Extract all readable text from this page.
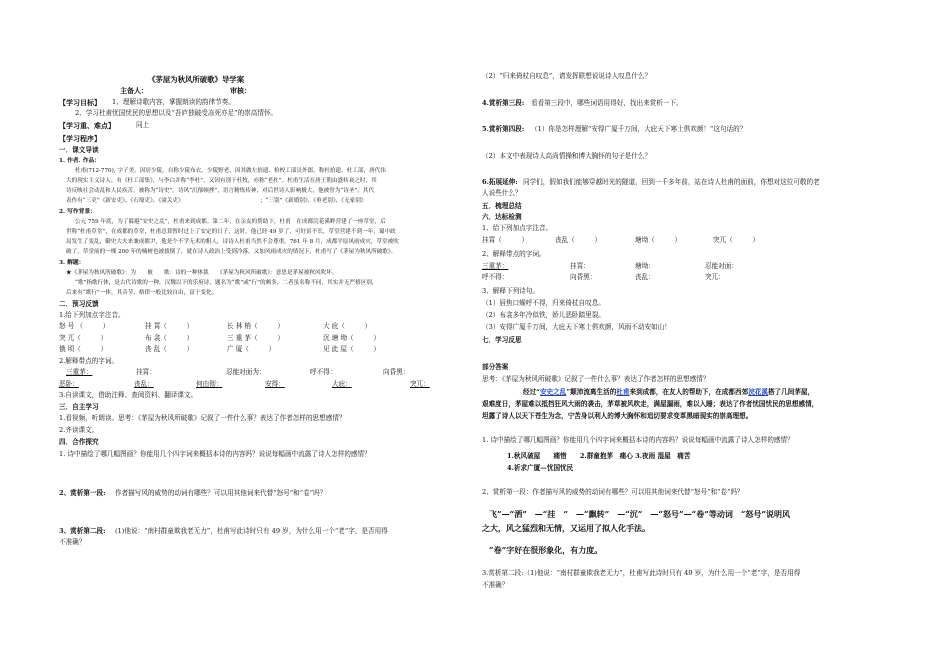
《茅屋为秋风所破歌》导学案
主备人：	审核：
【学习目标】 1、理解诗歌内容，掌握朗读的韵律节奏。
2、学习杜甫忧国忧民的思想以及“吾庐独破受冻死亦足”的崇高情怀。
【学习重、难点】	同上
【学习程序】
一．课文导读
1. 作者. 作品：
杜甫(712-770), 字子美，因居少陵，自称少陵布衣、少陵野老，因其做左拾遗、检校工部员外郎，称杜拾遗、杜工部，唐代伟
大的现实主义诗人。有《杜工部集》，与李白并称“李杜”，又因有别于杜牧，亦称“老杜”。杜甫生活在唐王朝由盛转衰之时，其
诗反映社会动乱和人民疾苦，被称为“诗史”。诗风“沉郁顿挫”，语言精炼传神，对后世诗人影响极大，他被誉为“诗圣”。其代
表作有“三吏”《新安吏》、《石壕吏》、《潼关吏》	；“三别”《新婚别》、《垂老别》、《无家别》
2. 写作背景：
公元 759 年底，为了躲避“安史之乱”，杜甫来到成都。第二年，在亲友的帮助下，杜甫　在成都浣花溪畔营建了一座草堂，后
世称“杜甫草堂”，在成都的草堂，杜甫总算暂时过上了安定的日子，这时，他已经 49 岁了，可好景不长，草堂营建不到一年，蜀中政
局发生了变乱，御史大夫来兼成都尹，他是个不学无术的粗人，诗诗人杜甫当然不会尊重。761 年 8 月，成都平原风雨成灾，草堂被吹
破了，草堂前的一棵 200 年的楠树也被拔倒了，就在诗人政治上受到冷落，又加风雨成灾的情况下，杜甫写了《茅屋为秋风所破歌》。
3. 解题：
★《茅屋为秋风所破歌》：为　　被　　歌：诗的一种体裁　　《茅屋为秋风所破歌》：意思是茅屋被秋风吹坏。
“歌”指歌行体，是古代诗歌的一种，汉魏以下的乐府诗，题名为“歌”或“行”的颇多，二者虽名称不同，其实并无严格区别，
后来有“歌行”一体。其音节、格律一般比较自由，富于变化。
二．预习反馈
1.给下列加点字注音。
怒 号 （　　　）	挂 罥（　　　）	长 林 梢（　　　）	大 庇（　　　）
突 兀（　　　）	布 衾（　　　）	三 重 茅（　　　）	沉 塘 坳（　　　）
俄 顷（　　　）	丧 乱（　　　）	广 厦（　　　）	见 此 屋（　　　）
2.解释带点的字词。
三重茅：	挂罥：	忍能对面为：	呼不得：	向昏黑：
恶卧：	丧乱：	何由彻：	安得：	大庇：	突兀：
3.自读课文，借助注释、查阅资料、翻译课文。
三．自主学习
1.看视频，听朗读。思考：《茅屋为秋风所破歌》记叙了一件什么事？表达了作者怎样的思想感情？
2.齐读课文。
四．合作探究
1. 诗中描绘了哪几幅图画？你能用几个四字词来概括本诗的内容吗？说说每幅画中流露了诗人怎样的感情？
2、赏析第一段: 作者描写风的威势的动词有哪些？可以用其他词来代替“怒号”和“卷”吗？
3、赏析第二段: (1)他说：“南村群童欺我老无力”，杜甫写此诗时只有 49 岁，为什么用一个“老”字，是否用得
不准确？
（2）“归来倚杖自叹息”，请发挥联想说说诗人叹息什么？
4.赏析第三段: 看看第三段中，哪些词语用得好，找出来赏析一下。
5.赏析第四段: （1）你是怎样理解“安得广厦千万间，大庇天下寒士俱欢颜！”这句话的？
（2）本文中表现诗人高尚情操和博大胸怀的句子是什么？
6.拓展延伸: 同学们，假如我们能够穿越时光的隧道，回到一千多年前，站在诗人杜甫的面前，你想对这位可敬的老
人说些什么？
五．梳理总结
六．达标检测
1、给下列加点字注音。
挂罥（　　　）	丧乱（　　　）	塘坳（　　　）	突兀（　　　）
2、解释带点的字词。
三重茅：	挂罥：	塘坳：	忍能对面：
呼不得：	向昏黑：	丧乱：	突兀：
3、解释下列诗句。
（1）唇焦口燥呼不得，归来倚杖自叹息。
（2）布衾多年冷似铁，娇儿恶卧踏里裂。
（3）安得广厦千万间，大庇天下寒士俱欢颜，风雨不动安如山！
七．学习反思
部分答案
思考：《茅屋为秋风所破歌》记叙了一件什么事？表达了作者怎样的思想感情？
经过“安史之乱”颠沛流离生活的杜甫来到成都，在友人的帮助下，在成都西郊浣花溪搭了几间茅屋，
艰难度日，茅屋难以抵挡狂风大雨的袭击，茅草被风吹走，满屋漏雨，难以入睡；表达了作者忧国忧民的思想感情，
坦露了诗人以天下苍生为念，宁苦身以利人的博大胸怀和追切要求变革黑暗现实的崇高理想。
1. 诗中描绘了哪几幅图画？你能用几个四字词来概括本诗的内容吗？说说每幅画中流露了诗人怎样的感情？
1.秋风破屋　　痛惜　　2.群童抱茅　痛心 3.夜雨 湿屋　痛苦
4.祈求广厦—忧国忧民
2、赏析第一段：作者描写风的威势的动词有哪些？可以用其他词来代替“怒号”和“卷”吗？
飞”—“洒”　—“挂　”　—“飘转”　—“沉”　—“怒号”—“卷”等动词　“怒号”说明风
之大，风之猛烈和无情，又运用了拟人化手法。
“卷”字好在很形象化，有力度。
3.赏析第二段:（1)他说：“南村群童欺我老无力”，杜甫写此诗时只有 49 岁，为什么用一个“老”字，是否用得
不准确？
